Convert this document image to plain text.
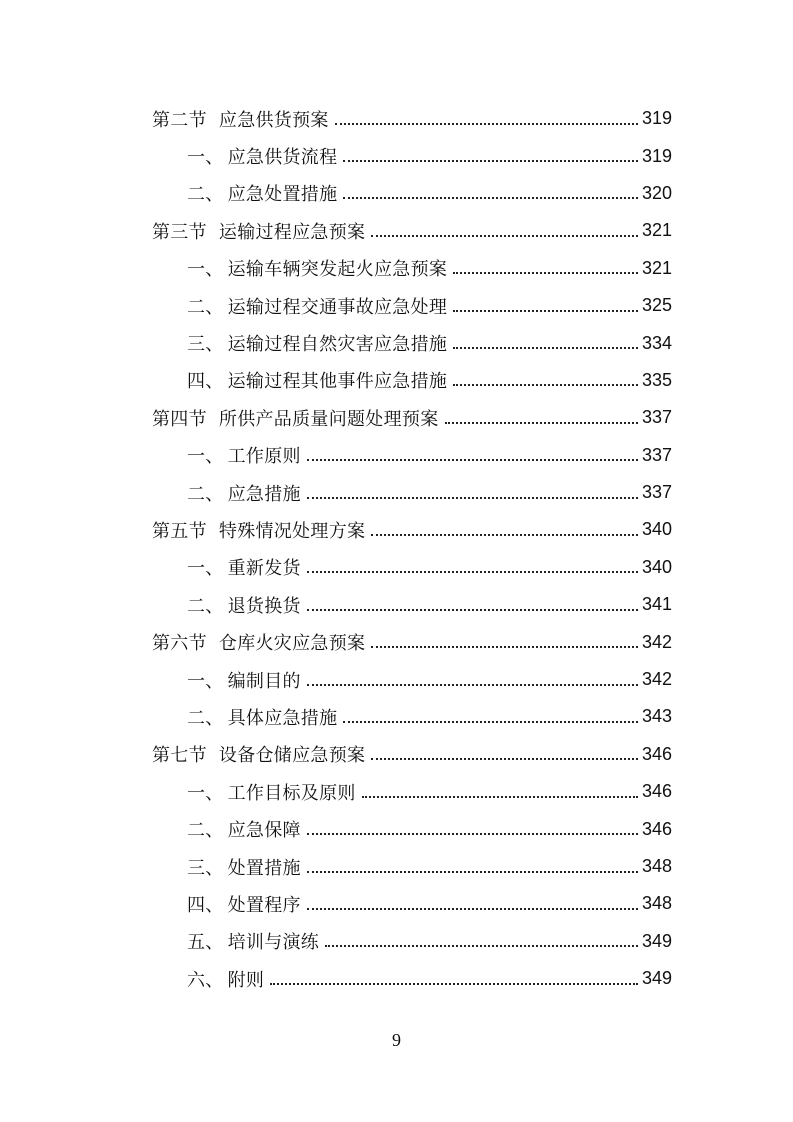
第二节 应急供货预案	319
一、 应急供货流程	319
二、 应急处置措施	320
第三节 运输过程应急预案	321
一、 运输车辆突发起火应急预案	321
二、 运输过程交通事故应急处理	325
三、 运输过程自然灾害应急措施	334
四、 运输过程其他事件应急措施	335
第四节 所供产品质量问题处理预案	337
一、 工作原则	337
二、 应急措施	337
第五节 特殊情况处理方案	340
一、 重新发货	340
二、 退货换货	341
第六节 仓库火灾应急预案	342
一、 编制目的	342
二、 具体应急措施	343
第七节 设备仓储应急预案	346
一、 工作目标及原则	346
二、 应急保障	346
三、 处置措施	348
四、 处置程序	348
五、 培训与演练	349
六、 附则	349
9
